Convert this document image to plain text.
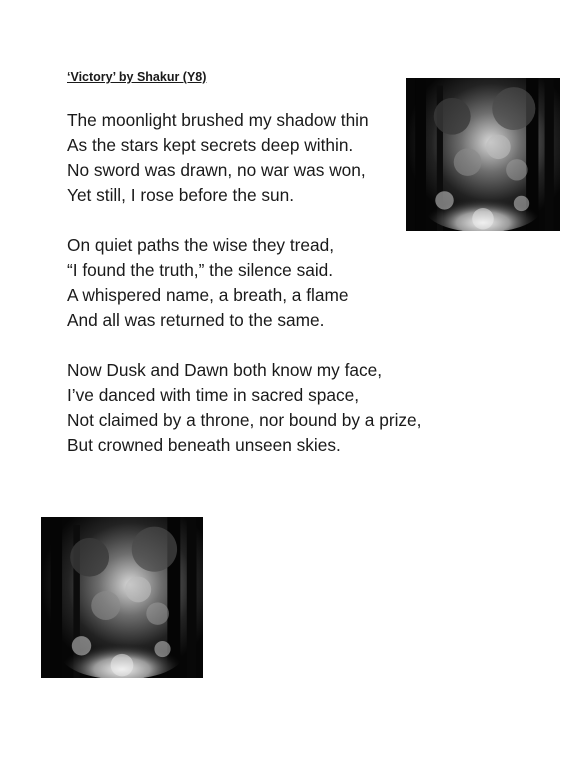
‘Victory’ by Shakur (Y8)
The moonlight brushed my shadow thin
As the stars kept secrets deep within.
No sword was drawn, no war was won,
Yet still, I rose before the sun.
On quiet paths the wise they tread,
“I found the truth,” the silence said.
A whispered name, a breath, a flame
And all was returned to the same.
Now Dusk and Dawn both know my face,
I’ve danced with time in sacred space,
Not claimed by a throne, nor bound by a prize,
But crowned beneath unseen skies.
